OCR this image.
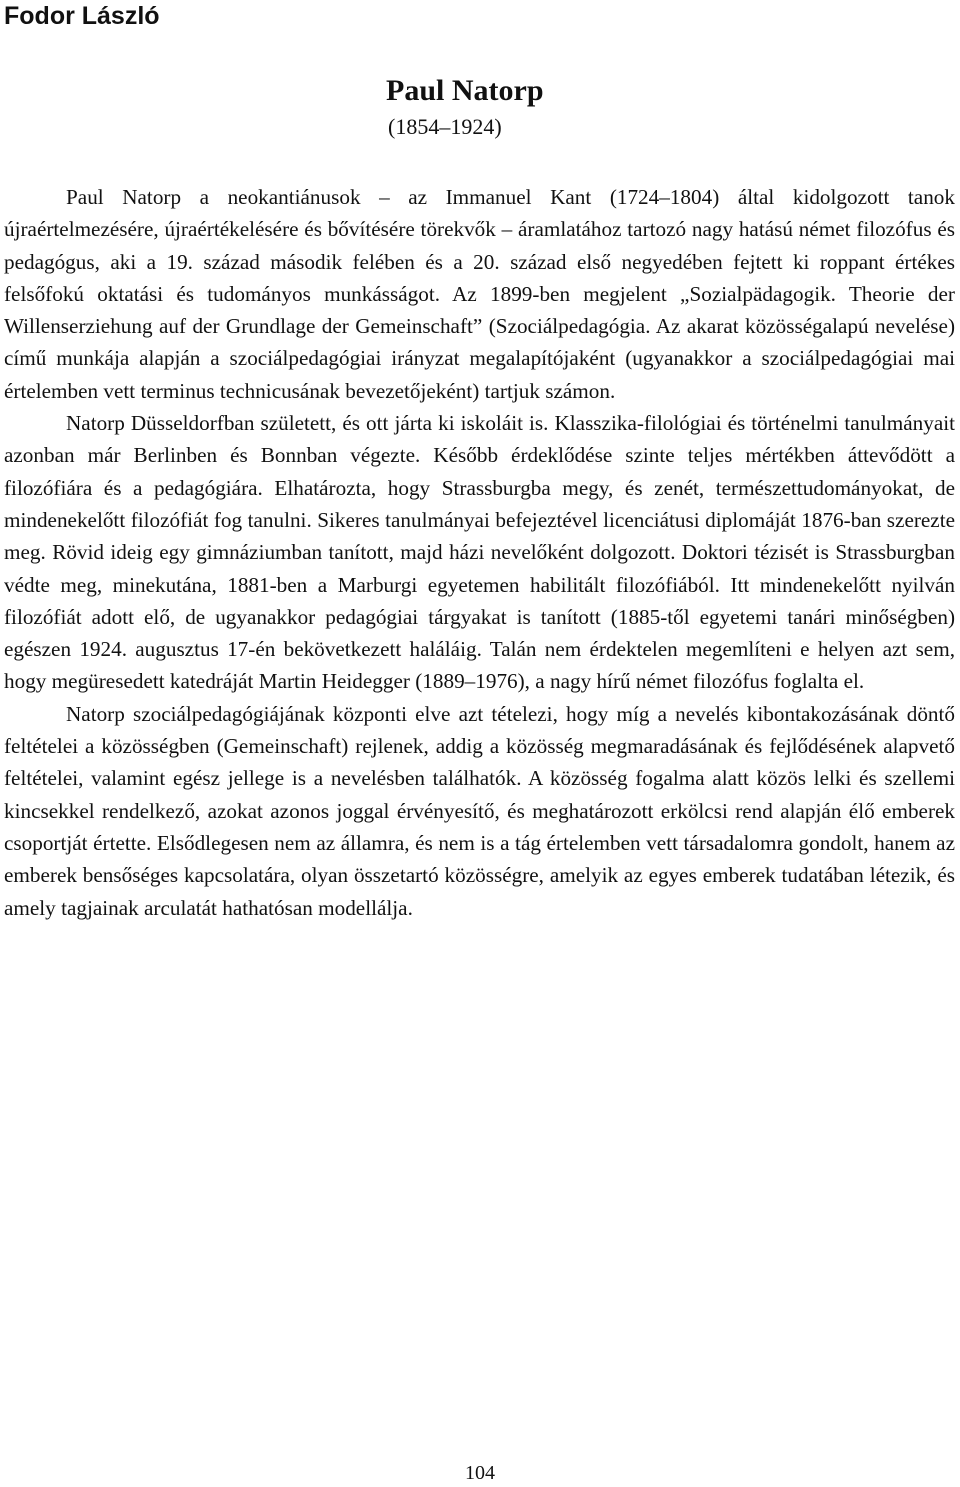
Fodor László
Paul Natorp
(1854–1924)

Paul Natorp a neokantiánusok – az Immanuel Kant (1724–1804) által kidolgozott tanok újraértelmezésére, újraértékelésére és bővítésére törekvők – áramlatához tartozó nagy hatású német filozófus és pedagógus, aki a 19. század második felében és a 20. század első negyedében fejtett ki roppant értékes felsőfokú oktatási és tudományos munkásságot. Az 1899-ben megjelent „Sozialpädagogik. Theorie der Willenserziehung auf der Grundlage der Gemeinschaft” (Szociálpedagógia. Az akarat közösségalapú nevelése) című munkája alapján a szociálpedagógiai irányzat megalapítójaként (ugyanakkor a szociálpedagógiai mai értelemben vett terminus technicusának bevezetőjeként) tartjuk számon.

Natorp Düsseldorfban született, és ott járta ki iskoláit is. Klasszika-filológiai és történelmi tanulmányait azonban már Berlinben és Bonnban végezte. Később érdeklődése szinte teljes mértékben áttevődött a filozófiára és a pedagógiára. Elhatározta, hogy Strassburgba megy, és zenét, természettudományokat, de mindenekelőtt filozófiát fog tanulni. Sikeres tanulmányai befejeztével licenciátusi diplomáját 1876-ban szerezte meg. Rövid ideig egy gimnáziumban tanított, majd házi nevelőként dolgozott. Doktori tézisét is Strassburgban védte meg, minekutána, 1881-ben a Marburgi egyetemen habilitált filozófiából. Itt mindenekelőtt nyilván filozófiát adott elő, de ugyanakkor pedagógiai tárgyakat is tanított (1885-től egyetemi tanári minőségben) egészen 1924. augusztus 17-én bekövetkezett haláláig. Talán nem érdektelen megemlíteni e helyen azt sem, hogy megüresedett katedráját Martin Heidegger (1889–1976), a nagy hírű német filozófus foglalta el.

Natorp szociálpedagógiájának központi elve azt tételezi, hogy míg a nevelés kibontakozásának döntő feltételei a közösségben (Gemeinschaft) rejlenek, addig a közösség megmaradásának és fejlődésének alapvető feltételei, valamint egész jellege is a nevelésben találhatók. A közösség fogalma alatt közös lelki és szellemi kincsekkel rendelkező, azokat azonos joggal érvényesítő, és meghatározott erkölcsi rend alapján élő emberek csoportját értette. Elsődlegesen nem az államra, és nem is a tág értelemben vett társadalomra gondolt, hanem az emberek bensőséges kapcsolatára, olyan összetartó közösségre, amelyik az egyes emberek tudatában létezik, és amely tagjainak arculatát hathatósan modellálja.

104
